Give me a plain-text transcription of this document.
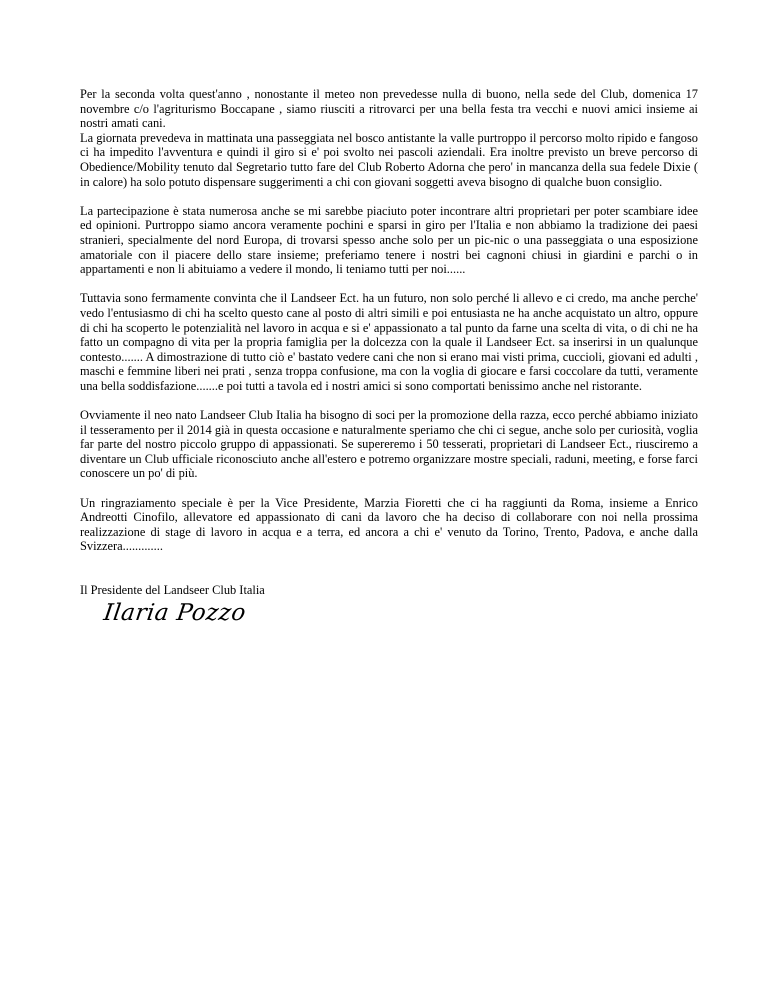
Per la seconda volta quest'anno , nonostante il meteo non prevedesse nulla di buono, nella sede del Club, domenica 17 novembre c/o l'agriturismo Boccapane , siamo riusciti a ritrovarci per una bella festa tra vecchi e nuovi amici insieme ai nostri amati cani.

La giornata prevedeva in mattinata una passeggiata nel bosco antistante la valle purtroppo il percorso molto ripido e fangoso ci ha impedito l'avventura e quindi il giro si e' poi svolto nei pascoli aziendali. Era inoltre previsto un breve percorso di Obedience/Mobility tenuto dal Segretario tutto fare del Club Roberto Adorna che pero' in mancanza della sua fedele Dixie ( in calore) ha solo potuto dispensare suggerimenti a chi con giovani soggetti aveva bisogno di qualche buon consiglio.

La partecipazione è stata numerosa anche se mi sarebbe piaciuto poter incontrare altri proprietari per poter scambiare idee ed opinioni. Purtroppo siamo ancora veramente pochini e sparsi in giro per l'Italia e non abbiamo la tradizione dei paesi stranieri, specialmente del nord Europa, di trovarsi spesso anche solo per un pic-nic o una passeggiata o una esposizione amatoriale con il piacere dello stare insieme; preferiamo tenere i nostri bei cagnoni chiusi in giardini e parchi o in appartamenti e non li abituiamo a vedere il mondo, li teniamo tutti per noi......

Tuttavia sono fermamente convinta che il Landseer Ect. ha un futuro, non solo perché li allevo e ci credo, ma anche perche' vedo l'entusiasmo di chi ha scelto questo cane al posto di altri simili e poi entusiasta ne ha anche acquistato un altro, oppure di chi ha scoperto le potenzialità nel lavoro in acqua e si e' appassionato a tal punto da farne una scelta di vita, o di chi ne ha fatto un compagno di vita per la propria famiglia per la dolcezza con la quale il Landseer Ect. sa inserirsi in un qualunque contesto....... A dimostrazione di tutto ciò e' bastato vedere cani che non si erano mai visti prima, cuccioli, giovani ed adulti , maschi e femmine liberi nei prati , senza troppa confusione, ma con la voglia di giocare e farsi coccolare da tutti, veramente una bella soddisfazione.......e poi tutti a tavola ed i nostri amici si sono comportati benissimo anche nel ristorante.

Ovviamente il neo nato Landseer Club Italia ha bisogno di soci per la promozione della razza, ecco perché abbiamo iniziato il tesseramento per il 2014 già in questa occasione e naturalmente speriamo che chi ci segue, anche solo per curiosità, voglia far parte del nostro piccolo gruppo di appassionati. Se supereremo i 50 tesserati, proprietari di Landseer Ect., riusciremo a diventare un Club ufficiale riconosciuto anche all'estero e potremo organizzare mostre speciali, raduni, meeting, e forse farci conoscere un po' di più.

Un ringraziamento speciale è per la Vice Presidente, Marzia Fioretti che ci ha raggiunti da Roma, insieme a Enrico Andreotti Cinofilo, allevatore ed appassionato di cani da lavoro che ha deciso di collaborare con noi nella prossima realizzazione di stage di lavoro in acqua e a terra, ed ancora a chi e' venuto da Torino, Trento, Padova, e anche dalla Svizzera.............

Il Presidente del Landseer Club Italia

Ilaria Pozzo
